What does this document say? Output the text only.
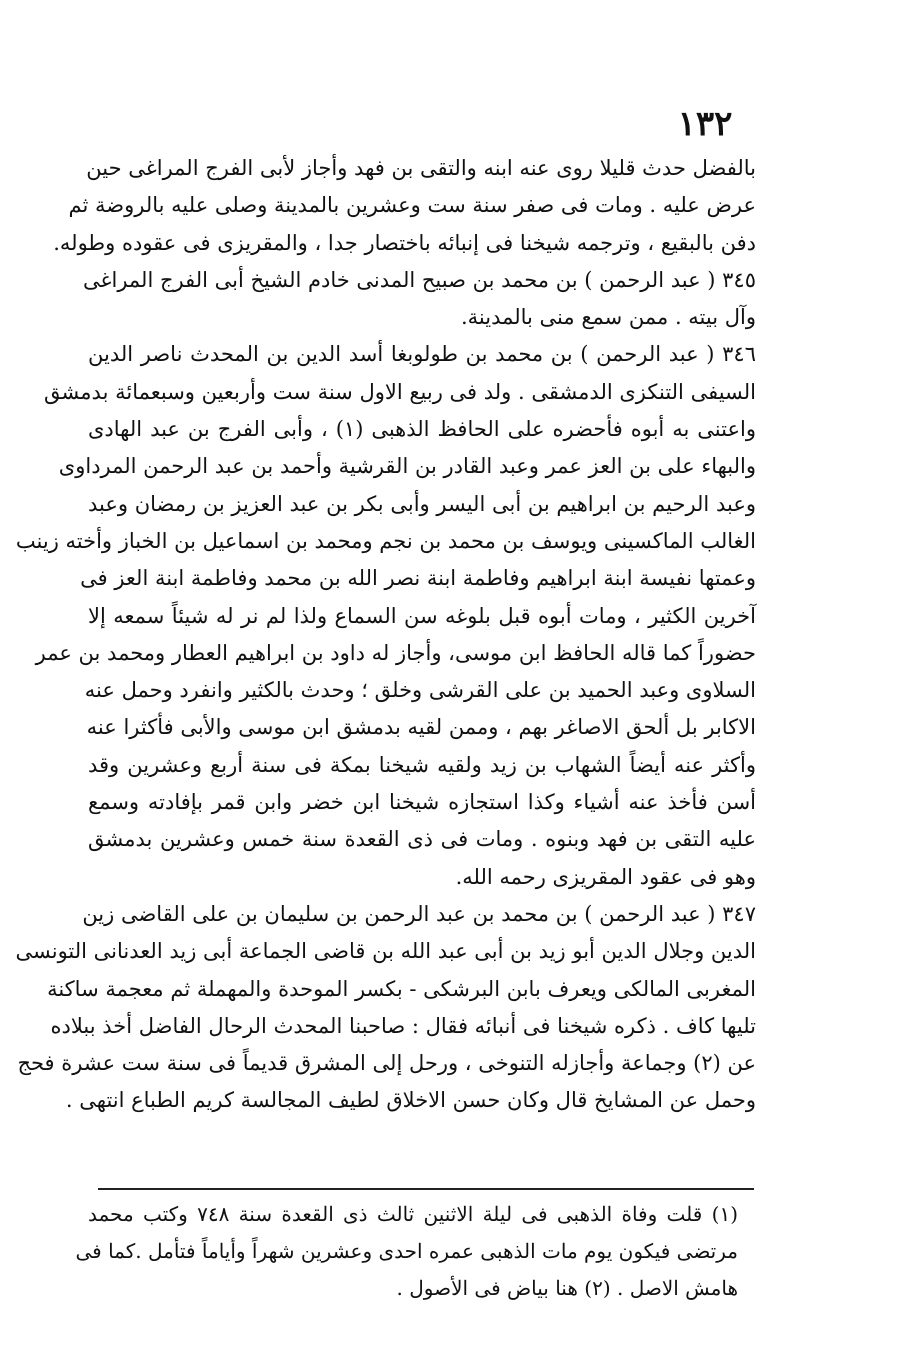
١٣٢
بالفضل حدث قليلا روى عنه ابنه والتقى بن فهد وأجاز لأبى الفرج المراغى حين
عرض عليه . ومات فى صفر سنة ست وعشرين بالمدينة وصلى عليه بالروضة ثم
دفن بالبقيع ، وترجمه شيخنا فى إنبائه باختصار جدا ، والمقريزى فى عقوده وطوله.
٣٤٥ ( عبد الرحمن ) بن محمد بن صبيح المدنى خادم الشيخ أبى الفرج المراغى
وآل بيته . ممن سمع منى بالمدينة.
٣٤٦ ( عبد الرحمن ) بن محمد بن طولوبغا أسد الدين بن المحدث ناصر الدين
السيفى التنكزى الدمشقى . ولد فى ربيع الاول سنة ست وأربعين وسبعمائة بدمشق
واعتنى به أبوه فأحضره على الحافظ الذهبى (١) ، وأبى الفرج بن عبد الهادى
والبهاء على بن العز عمر وعبد القادر بن القرشية وأحمد بن عبد الرحمن المرداوى
وعبد الرحيم بن ابراهيم بن أبى اليسر وأبى بكر بن عبد العزيز بن رمضان وعبد
الغالب الماكسينى ويوسف بن محمد بن نجم ومحمد بن اسماعيل بن الخباز وأخته زينب
وعمتها نفيسة ابنة ابراهيم وفاطمة ابنة نصر الله بن محمد وفاطمة ابنة العز فى
آخرين الكثير ، ومات أبوه قبل بلوغه سن السماع ولذا لم نر له شيئاً سمعه إلا
حضوراً كما قاله الحافظ ابن موسى، وأجاز له داود بن ابراهيم العطار ومحمد بن عمر
السلاوى وعبد الحميد بن على القرشى وخلق ؛ وحدث بالكثير وانفرد وحمل عنه
الاكابر بل ألحق الاصاغر بهم ، وممن لقيه بدمشق ابن موسى والأبى فأكثرا عنه
وأكثر عنه أيضاً الشهاب بن زيد ولقيه شيخنا بمكة فى سنة أربع وعشرين وقد
أسن فأخذ عنه أشياء وكذا استجازه شيخنا ابن خضر وابن قمر بإفادته وسمع
عليه التقى بن فهد وبنوه . ومات فى ذى القعدة سنة خمس وعشرين بدمشق
وهو فى عقود المقريزى رحمه الله.
٣٤٧ ( عبد الرحمن ) بن محمد بن عبد الرحمن بن سليمان بن على القاضى زين
الدين وجلال الدين أبو زيد بن أبى عبد الله بن قاضى الجماعة أبى زيد العدنانى التونسى
المغربى المالكى ويعرف بابن البرشكى - بكسر الموحدة والمهملة ثم معجمة ساكنة
تليها كاف . ذكره شيخنا فى أنبائه فقال : صاحبنا المحدث الرحال الفاضل أخذ ببلاده
عن (٢) وجماعة وأجازله التنوخى ، ورحل إلى المشرق قديماً فى سنة ست عشرة فحج
وحمل عن المشايخ قال وكان حسن الاخلاق لطيف المجالسة كريم الطباع انتهى .
(١) قلت وفاة الذهبى فى ليلة الاثنين ثالث ذى القعدة سنة ٧٤٨ وكتب محمد
مرتضى فيكون يوم مات الذهبى عمره احدى وعشرين شهراً وأياماً فتأمل .كما فى
هامش الاصل . (٢) هنا بياض فى الأصول .
